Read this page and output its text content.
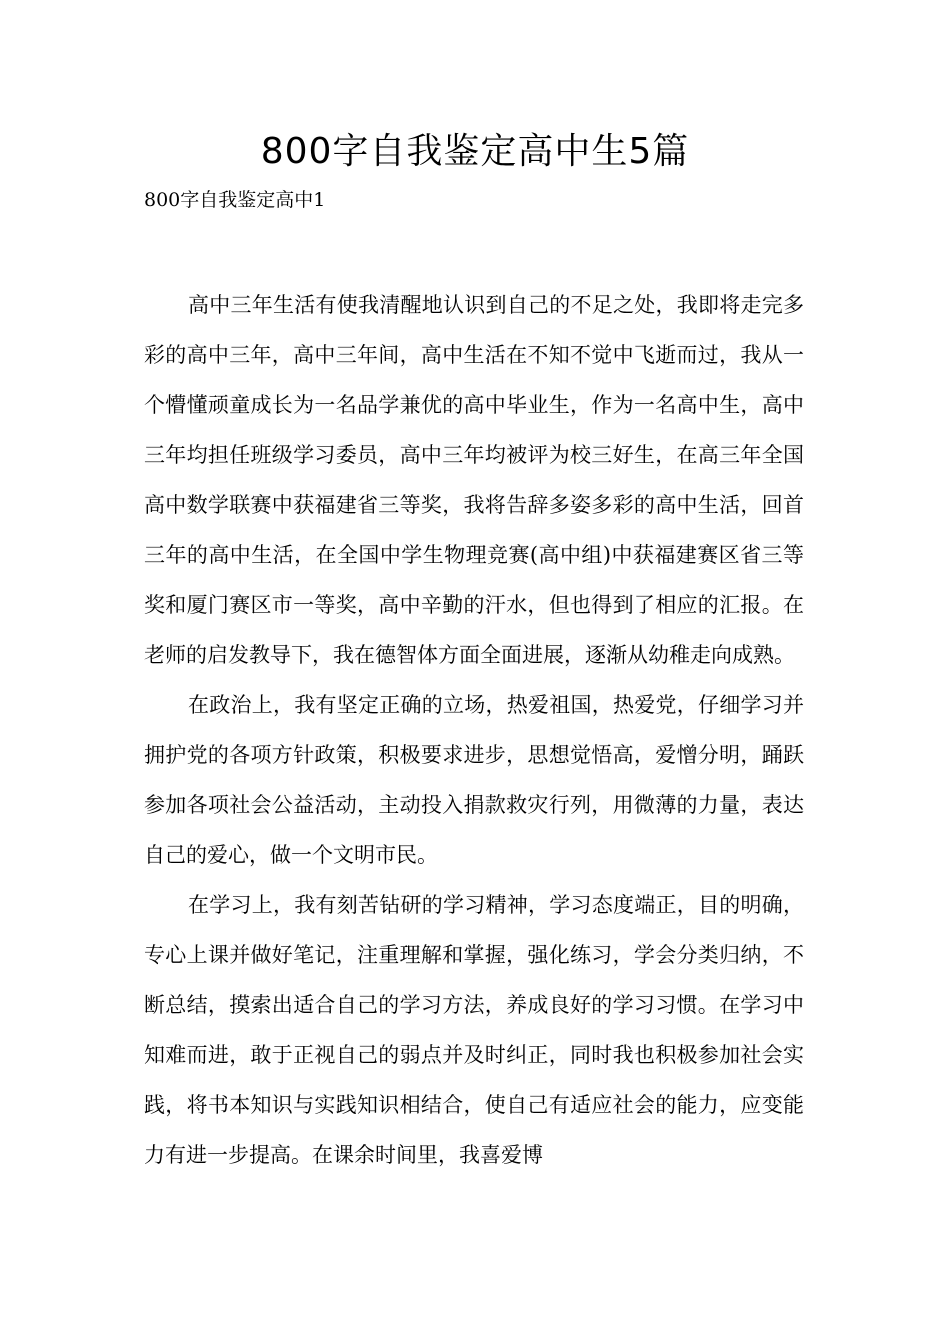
800字自我鉴定高中生5篇
800字自我鉴定高中1

高中三年生活有使我清醒地认识到自己的不足之处，我即将走完多彩的高中三年，高中三年间，高中生活在不知不觉中飞逝而过，我从一个懵懂顽童成长为一名品学兼优的高中毕业生，作为一名高中生，高中三年均担任班级学习委员，高中三年均被评为校三好生，在高三年全国高中数学联赛中获福建省三等奖，我将告辞多姿多彩的高中生活，回首三年的高中生活，在全国中学生物理竞赛(高中组)中获福建赛区省三等奖和厦门赛区市一等奖，高中辛勤的汗水，但也得到了相应的汇报。在老师的启发教导下，我在德智体方面全面进展，逐渐从幼稚走向成熟。

在政治上，我有坚定正确的立场，热爱祖国，热爱党，仔细学习并拥护党的各项方针政策，积极要求进步，思想觉悟高，爱憎分明，踊跃参加各项社会公益活动，主动投入捐款救灾行列，用微薄的力量，表达自己的爱心，做一个文明市民。

在学习上，我有刻苦钻研的学习精神，学习态度端正，目的明确，专心上课并做好笔记，注重理解和掌握，强化练习，学会分类归纳，不断总结，摸索出适合自己的学习方法，养成良好的学习习惯。在学习中知难而进，敢于正视自己的弱点并及时纠正，同时我也积极参加社会实践，将书本知识与实践知识相结合，使自己有适应社会的能力，应变能力有进一步提高。在课余时间里，我喜爱博
